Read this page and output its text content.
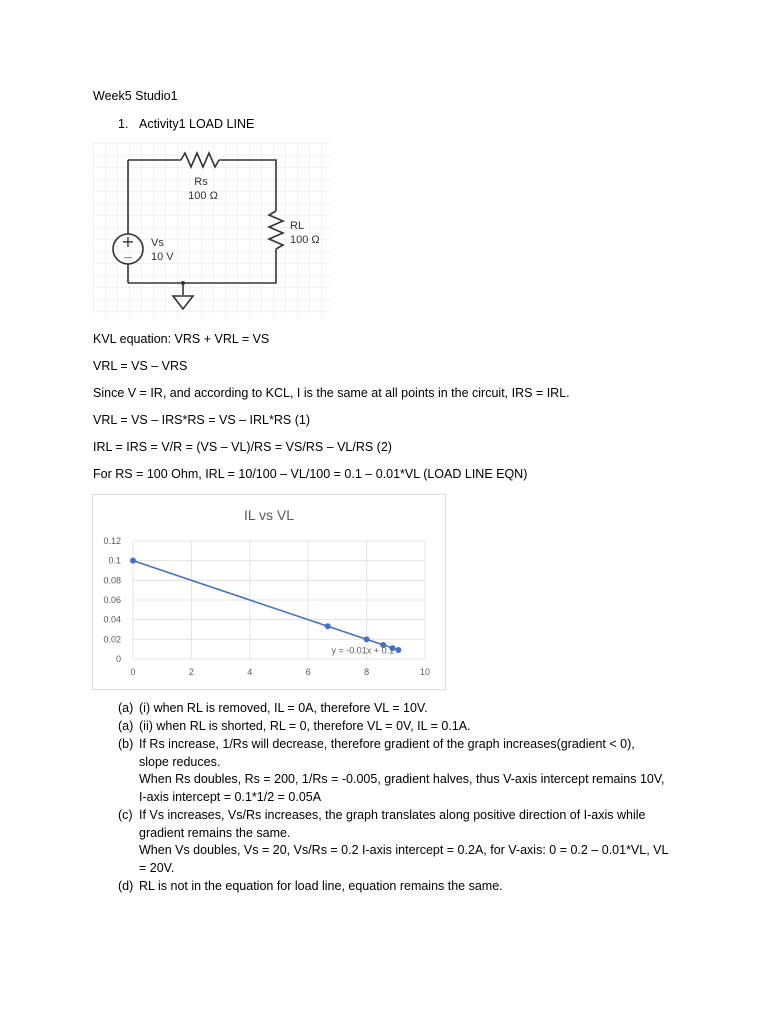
Week5 Studio1
1. Activity1 LOAD LINE
+
—
Rs
100 Ω
RL
100 Ω
Vs
10 V
KVL equation: VRS + VRL = VS
VRL = VS – VRS
Since V = IR, and according to KCL, I is the same at all points in the circuit, IRS = IRL.
VRL = VS – IRS*RS = VS – IRL*RS (1)
IRL = IRS = V/R = (VS – VL)/RS = VS/RS – VL/RS (2)
For RS = 100 Ohm, IRL = 10/100 – VL/100 = 0.1 – 0.01*VL (LOAD LINE EQN)
IL vs VL
0
0.02
0.04
0.06
0.08
0.1
0.12
0	2	4	6	8	10
y = -0.01x + 0.1
(a) (i) when RL is removed, IL = 0A, therefore VL = 10V.
(a) (ii) when RL is shorted, RL = 0, therefore VL = 0V, IL = 0.1A.
(b) If Rs increase, 1/Rs will decrease, therefore gradient of the graph increases(gradient < 0),
slope reduces.
When Rs doubles, Rs = 200, 1/Rs = -0.005, gradient halves, thus V-axis intercept remains 10V,
I-axis intercept = 0.1*1/2 = 0.05A
(c) If Vs increases, Vs/Rs increases, the graph translates along positive direction of I-axis while
gradient remains the same.
When Vs doubles, Vs = 20, Vs/Rs = 0.2 I-axis intercept = 0.2A, for V-axis: 0 = 0.2 – 0.01*VL, VL
= 20V.
(d) RL is not in the equation for load line, equation remains the same.
